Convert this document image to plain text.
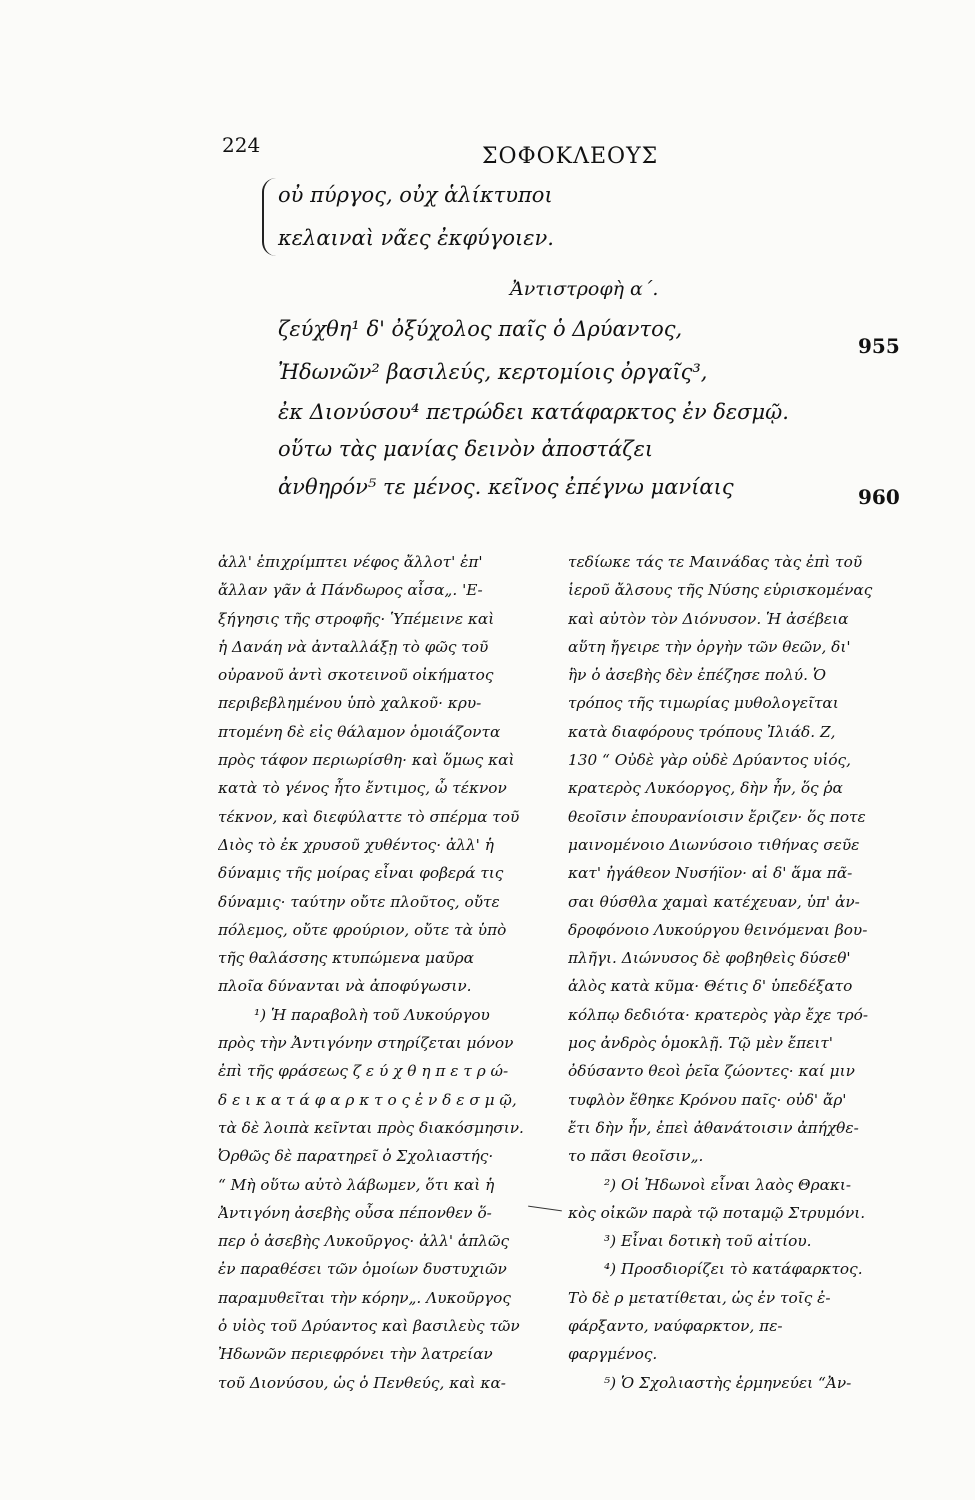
224	ΣΟΦΟΚΛΕΟΥΣ
οὐ πύργος, οὐχ ἁλίκτυποι
κελαιναὶ νᾶες ἐκφύγοιεν.
Ἀντιστροφὴ α΄.
ζεύχθη¹ δ' ὀξύχολος παῖς ὁ Δρύαντος,
Ἠδωνῶν² βασιλεύς, κερτομίοις ὀργαῖς³,
ἐκ Διονύσου⁴ πετρώδει κατάφαρκτος ἐν δεσμῷ.
οὕτω τὰς μανίας δεινὸν ἀποστάζει
ἀνθηρόν⁵ τε μένος. κεῖνος ἐπέγνω μανίαις
955
960
ἀλλ' ἐπιχρίμπτει νέφος ἄλλοτ' ἐπ'
ἄλλαν γᾶν ἁ Πάνδωρος αἶσα„. 'Ε-
ξήγησις τῆς στροφῆς· Ὑπέμεινε καὶ
ἡ Δανάη νὰ ἀνταλλάξῃ τὸ φῶς τοῦ
οὐρανοῦ ἀντὶ σκοτεινοῦ οἰκήματος
περιβεβλημένου ὑπὸ χαλκοῦ· κρυ-
πτομένη δὲ εἰς θάλαμον ὁμοιάζοντα
πρὸς τάφον περιωρίσθη· καὶ ὅμως καὶ
κατὰ τὸ γένος ἦτο ἔντιμος, ὦ τέκνον
τέκνον, καὶ διεφύλαττε τὸ σπέρμα τοῦ
Διὸς τὸ ἐκ χρυσοῦ χυθέντος· ἀλλ' ἡ
δύναμις τῆς μοίρας εἶναι φοβερά τις
δύναμις· ταύτην οὔτε πλοῦτος, οὔτε
πόλεμος, οὔτε φρούριον, οὔτε τὰ ὑπὸ
τῆς θαλάσσης κτυπώμενα μαῦρα
πλοῖα δύνανται νὰ ἀποφύγωσιν.
¹) Ἡ παραβολὴ τοῦ Λυκούργου
πρὸς τὴν Ἀντιγόνην στηρίζεται μόνον
ἐπὶ τῆς φράσεως ζ ε ύ χ θ η π ε τ ρ ώ-
δ ε ι κ α τ ά φ α ρ κ τ ο ς ἐ ν δ ε σ μ ῷ,
τὰ δὲ λοιπὰ κεῖνται πρὸς διακόσμησιν.
Ὀρθῶς δὲ παρατηρεῖ ὁ Σχολιαστής·
“ Μὴ οὕτω αὐτὸ λάβωμεν, ὅτι καὶ ἡ
Ἀντιγόνη ἀσεβὴς οὖσα πέπονθεν ὅ-
περ ὁ ἀσεβὴς Λυκοῦργος· ἀλλ' ἁπλῶς
ἐν παραθέσει τῶν ὁμοίων δυστυχιῶν
παραμυθεῖται τὴν κόρην„. Λυκοῦργος
ὁ υἱὸς τοῦ Δρύαντος καὶ βασιλεὺς τῶν
Ἠδωνῶν περιεφρόνει τὴν λατρείαν
τοῦ Διονύσου, ὡς ὁ Πενθεύς, καὶ κα-
τεδίωκε τάς τε Μαινάδας τὰς ἐπὶ τοῦ
ἱεροῦ ἄλσους τῆς Νύσης εὑρισκομένας
καὶ αὐτὸν τὸν Διόνυσον. Ἡ ἀσέβεια
αὕτη ἤγειρε τὴν ὀργὴν τῶν θεῶν, δι'
ἣν ὁ ἀσεβὴς δὲν ἐπέζησε πολύ. Ὁ
τρόπος τῆς τιμωρίας μυθολογεῖται
κατὰ διαφόρους τρόπους Ἰλιάδ. Ζ,
130 “ Οὐδὲ γὰρ οὐδὲ Δρύαντος υἱός,
κρατερὸς Λυκόοργος, δὴν ἦν, ὅς ῥα
θεοῖσιν ἐπουρανίοισιν ἔριζεν· ὅς ποτε
μαινομένοιο Διωνύσοιο τιθήνας σεῦε
κατ' ἠγάθεον Νυσήϊον· αἱ δ' ἅμα πᾶ-
σαι θύσθλα χαμαὶ κατέχευαν, ὑπ' ἀν-
δροφόνοιο Λυκούργου θεινόμεναι βου-
πλῆγι. Διώνυσος δὲ φοβηθεὶς δύσεθ'
ἁλὸς κατὰ κῦμα· Θέτις δ' ὑπεδέξατο
κόλπῳ δεδιότα· κρατερὸς γὰρ ἔχε τρό-
μος ἀνδρὸς ὁμοκλῇ. Τῷ μὲν ἔπειτ'
ὀδύσαντο θεοὶ ῥεῖα ζώοντες· καί μιν
τυφλὸν ἔθηκε Κρόνου παῖς· οὐδ' ἄρ'
ἔτι δὴν ἦν, ἐπεὶ ἀθανάτοισιν ἀπήχθε-
το πᾶσι θεοῖσιν„.
²) Οἱ Ἠδωνοὶ εἶναι λαὸς Θρακι-
κὸς οἰκῶν παρὰ τῷ ποταμῷ Στρυμόνι.
³) Εἶναι δοτικὴ τοῦ αἰτίου.
⁴) Προσδιορίζει τὸ κατάφαρκτος.
Τὸ δὲ ρ μετατίθεται, ὡς ἐν τοῖς ἐ-
φάρξαντο, ναύφαρκτον, πε-
φαργμένος.
⁵) Ὁ Σχολιαστὴς ἑρμηνεύει “Ἀν-
